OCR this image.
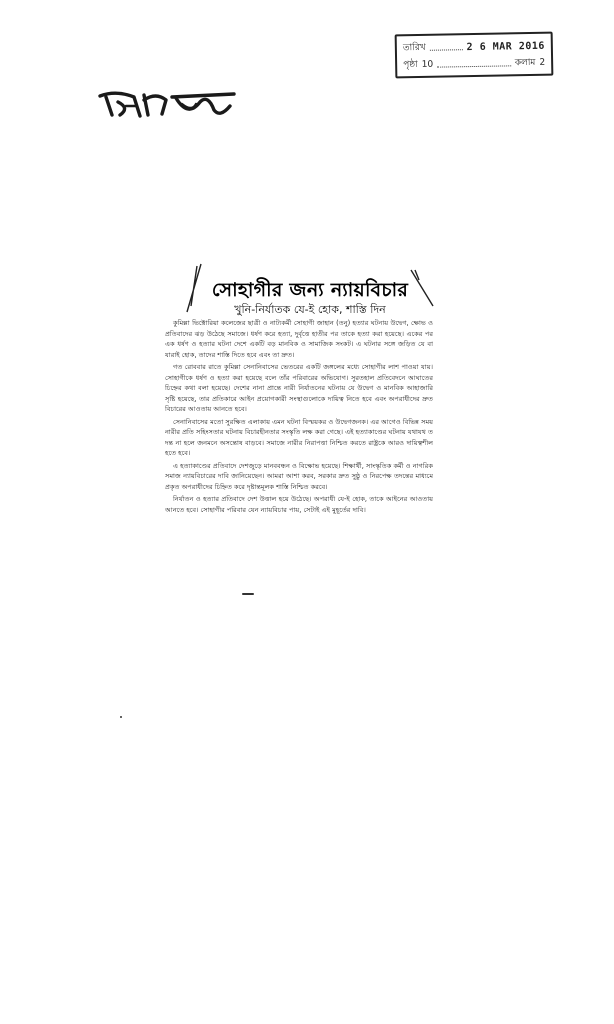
তারিখ	2 6 MAR 2016
পৃষ্ঠা 10	কলাম 2
সোহাগীর জন্য ন্যায়বিচার
খুনি-নির্যাতক যে-ই হোক, শাস্তি দিন

কুমিল্লা ভিক্টোরিয়া কলেজের ছাত্রী ও নাট্যকর্মী সোহাগী জাহান (তনু) হত্যার ঘটনায় উদ্বেগ, ক্ষোভ ও প্রতিবাদের ঝড় উঠেছে সমাজে। ধর্ষণ করে হত্যা, দুর্বৃত্তে হাতীর পর তাকে হত্যা করা হয়েছে। একের পর এক ধর্ষণ ও হত্যার ঘটনা দেশে একটি বড় মানবিক ও সামাজিক সংকট। এ ঘটনার সঙ্গে জড়িত যে বা যারাই হোক, তাদের শাস্তি দিতে হবে এবং তা দ্রুত।

গত রোববার রাতে কুমিল্লা সেনানিবাসের ভেতরের একটি জঙ্গলের মধ্যে সোহাগীর লাশ পাওয়া যায়। সোহাগীকে ধর্ষণ ও হত্যা করা হয়েছে বলে তাঁর পরিবারের অভিযোগ। সুরতহাল প্রতিবেদনে আঘাতের চিহ্নের কথা বলা হয়েছে। দেশের নানা প্রান্তে নারী নির্যাতনের ঘটনায় যে উদ্বেগ ও মানবিক আহাজারি সৃষ্টি হয়েছে, তার প্রতিকারে আইন প্রয়োগকারী সংস্থাগুলোকে দায়িত্ব নিতে হবে এবং অপরাধীদের দ্রুত বিচারের আওতায় আনতে হবে।

সেনানিবাসের মতো সুরক্ষিত এলাকায় এমন ঘটনা বিস্ময়কর ও উদ্বেগজনক। এর আগেও বিভিন্ন সময় নারীর প্রতি সহিংসতার ঘটনায় বিচারহীনতার সংস্কৃতি লক্ষ করা গেছে। এই হত্যাকাণ্ডের ঘটনায় যথাযথ তদন্ত না হলে জনমনে অসন্তোষ বাড়বে। সমাজে নারীর নিরাপত্তা নিশ্চিত করতে রাষ্ট্রকে আরও দায়িত্বশীল হতে হবে।

এ হত্যাকাণ্ডের প্রতিবাদে দেশজুড়ে মানববন্ধন ও বিক্ষোভ হয়েছে। শিক্ষার্থী, সাংস্কৃতিক কর্মী ও নাগরিক সমাজ ন্যায়বিচারের দাবি জানিয়েছেন। আমরা আশা করব, সরকার দ্রুত সুষ্ঠু ও নিরপেক্ষ তদন্তের মাধ্যমে প্রকৃত অপরাধীদের চিহ্নিত করে দৃষ্টান্তমূলক শাস্তি নিশ্চিত করবে।

নির্যাতন ও হত্যার প্রতিবাদে দেশ উত্তাল হয়ে উঠেছে। অপরাধী যে-ই হোক, তাকে আইনের আওতায় আনতে হবে। সোহাগীর পরিবার যেন ন্যায়বিচার পায়, সেটাই এই মুহূর্তের দাবি।
